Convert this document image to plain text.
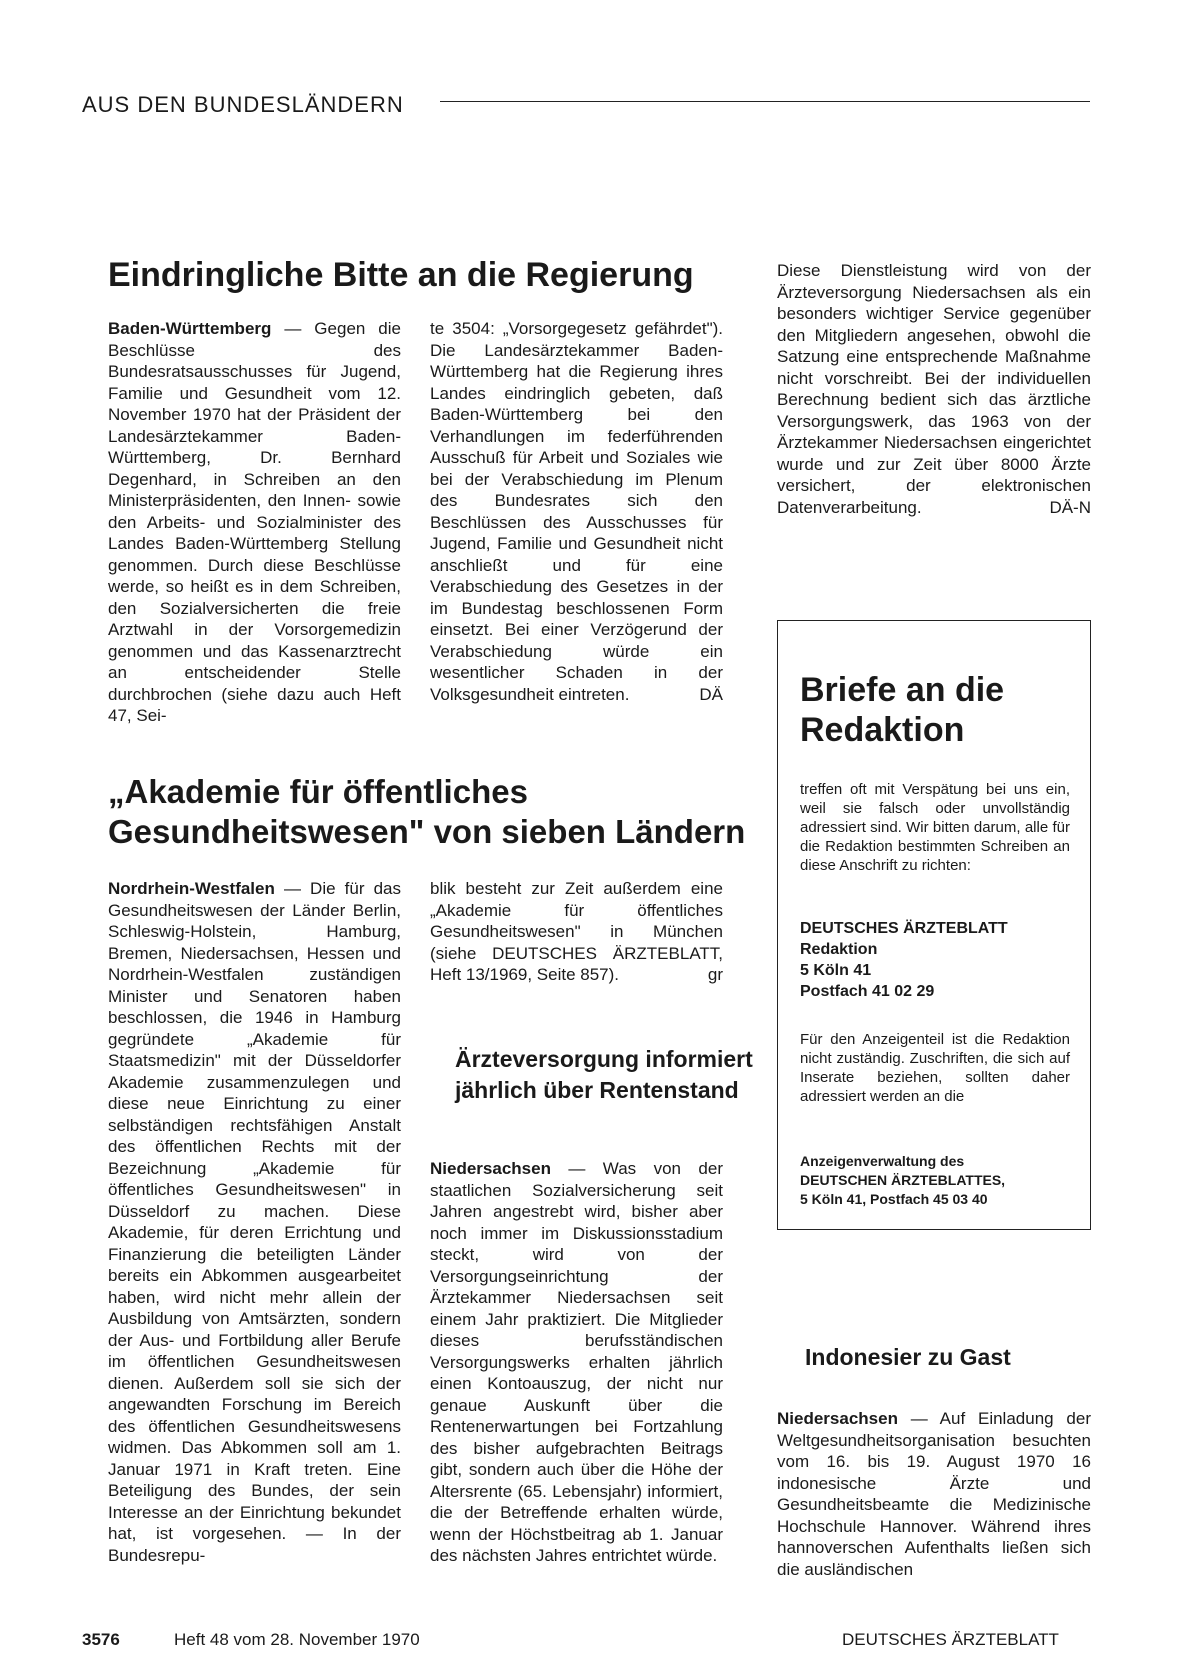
AUS DEN BUNDESLÄNDERN
Eindringliche Bitte an die Regierung

Baden-Württemberg — Gegen die Beschlüsse des Bundesratsausschusses für Jugend, Familie und Gesundheit vom 12. November 1970 hat der Präsident der Landesärztekammer Baden-Württemberg, Dr. Bernhard Degenhard, in Schreiben an den Ministerpräsidenten, den Innen- sowie den Arbeits- und Sozialminister des Landes Baden-Württemberg Stellung genommen. Durch diese Beschlüsse werde, so heißt es in dem Schreiben, den Sozialversicherten die freie Arztwahl in der Vorsorgemedizin genommen und das Kassenarztrecht an entscheidender Stelle durchbrochen (siehe dazu auch Heft 47, Sei-

te 3504: „Vorsorgegesetz gefährdet"). Die Landesärztekammer Baden-Württemberg hat die Regierung ihres Landes eindringlich gebeten, daß Baden-Württemberg bei den Verhandlungen im federführenden Ausschuß für Arbeit und Soziales wie bei der Verabschiedung im Plenum des Bundesrates sich den Beschlüssen des Ausschusses für Jugend, Familie und Gesundheit nicht anschließt und für eine Verabschiedung des Gesetzes in der im Bundestag beschlossenen Form einsetzt. Bei einer Verzögerund der Verabschiedung würde ein wesentlicher Schaden in der Volksgesundheit eintreten.	DÄ

Diese Dienstleistung wird von der Ärzteversorgung Niedersachsen als ein besonders wichtiger Service gegenüber den Mitgliedern angesehen, obwohl die Satzung eine entsprechende Maßnahme nicht vorschreibt. Bei der individuellen Berechnung bedient sich das ärztliche Versorgungswerk, das 1963 von der Ärztekammer Niedersachsen eingerichtet wurde und zur Zeit über 8000 Ärzte versichert, der elektronischen Datenverarbeitung.	DÄ-N

„Akademie für öffentliches
Gesundheitswesen" von sieben Ländern

Nordrhein-Westfalen — Die für das Gesundheitswesen der Länder Berlin, Schleswig-Holstein, Hamburg, Bremen, Niedersachsen, Hessen und Nordrhein-Westfalen zuständigen Minister und Senatoren haben beschlossen, die 1946 in Hamburg gegründete „Akademie für Staatsmedizin" mit der Düsseldorfer Akademie zusammenzulegen und diese neue Einrichtung zu einer selbständigen rechtsfähigen Anstalt des öffentlichen Rechts mit der Bezeichnung „Akademie für öffentliches Gesundheitswesen" in Düsseldorf zu machen. Diese Akademie, für deren Errichtung und Finanzierung die beteiligten Länder bereits ein Abkommen ausgearbeitet haben, wird nicht mehr allein der Ausbildung von Amtsärzten, sondern der Aus- und Fortbildung aller Berufe im öffentlichen Gesundheitswesen dienen. Außerdem soll sie sich der angewandten Forschung im Bereich des öffentlichen Gesundheitswesens widmen. Das Abkommen soll am 1. Januar 1971 in Kraft treten. Eine Beteiligung des Bundes, der sein Interesse an der Einrichtung bekundet hat, ist vorgesehen. — In der Bundesrepu-

blik besteht zur Zeit außerdem eine „Akademie für öffentliches Gesundheitswesen" in München (siehe DEUTSCHES ÄRZTEBLATT, Heft 13/1969, Seite 857).	gr

Ärzteversorgung informiert jährlich über Rentenstand

Niedersachsen — Was von der staatlichen Sozialversicherung seit Jahren angestrebt wird, bisher aber noch immer im Diskussionsstadium steckt, wird von der Versorgungseinrichtung der Ärztekammer Niedersachsen seit einem Jahr praktiziert. Die Mitglieder dieses berufsständischen Versorgungswerks erhalten jährlich einen Kontoauszug, der nicht nur genaue Auskunft über die Rentenerwartungen bei Fortzahlung des bisher aufgebrachten Beitrags gibt, sondern auch über die Höhe der Altersrente (65. Lebensjahr) informiert, die der Betreffende erhalten würde, wenn der Höchstbeitrag ab 1. Januar des nächsten Jahres entrichtet würde.

Briefe an die Redaktion
treffen oft mit Verspätung bei uns ein, weil sie falsch oder unvollständig adressiert sind. Wir bitten darum, alle für die Redaktion bestimmten Schreiben an diese Anschrift zu richten:
DEUTSCHES ÄRZTEBLATT
Redaktion
5 Köln 41
Postfach 41 02 29
Für den Anzeigenteil ist die Redaktion nicht zuständig. Zuschriften, die sich auf Inserate beziehen, sollten daher adressiert werden an die
Anzeigenverwaltung des
DEUTSCHEN ÄRZTEBLATTES,
5 Köln 41, Postfach 45 03 40
Indonesier zu Gast

Niedersachsen — Auf Einladung der Weltgesundheitsorganisation besuchten vom 16. bis 19. August 1970 16 indonesische Ärzte und Gesundheitsbeamte die Medizinische Hochschule Hannover. Während ihres hannoverschen Aufenthalts ließen sich die ausländischen

3576	Heft 48 vom 28. November 1970	DEUTSCHES ÄRZTEBLATT
